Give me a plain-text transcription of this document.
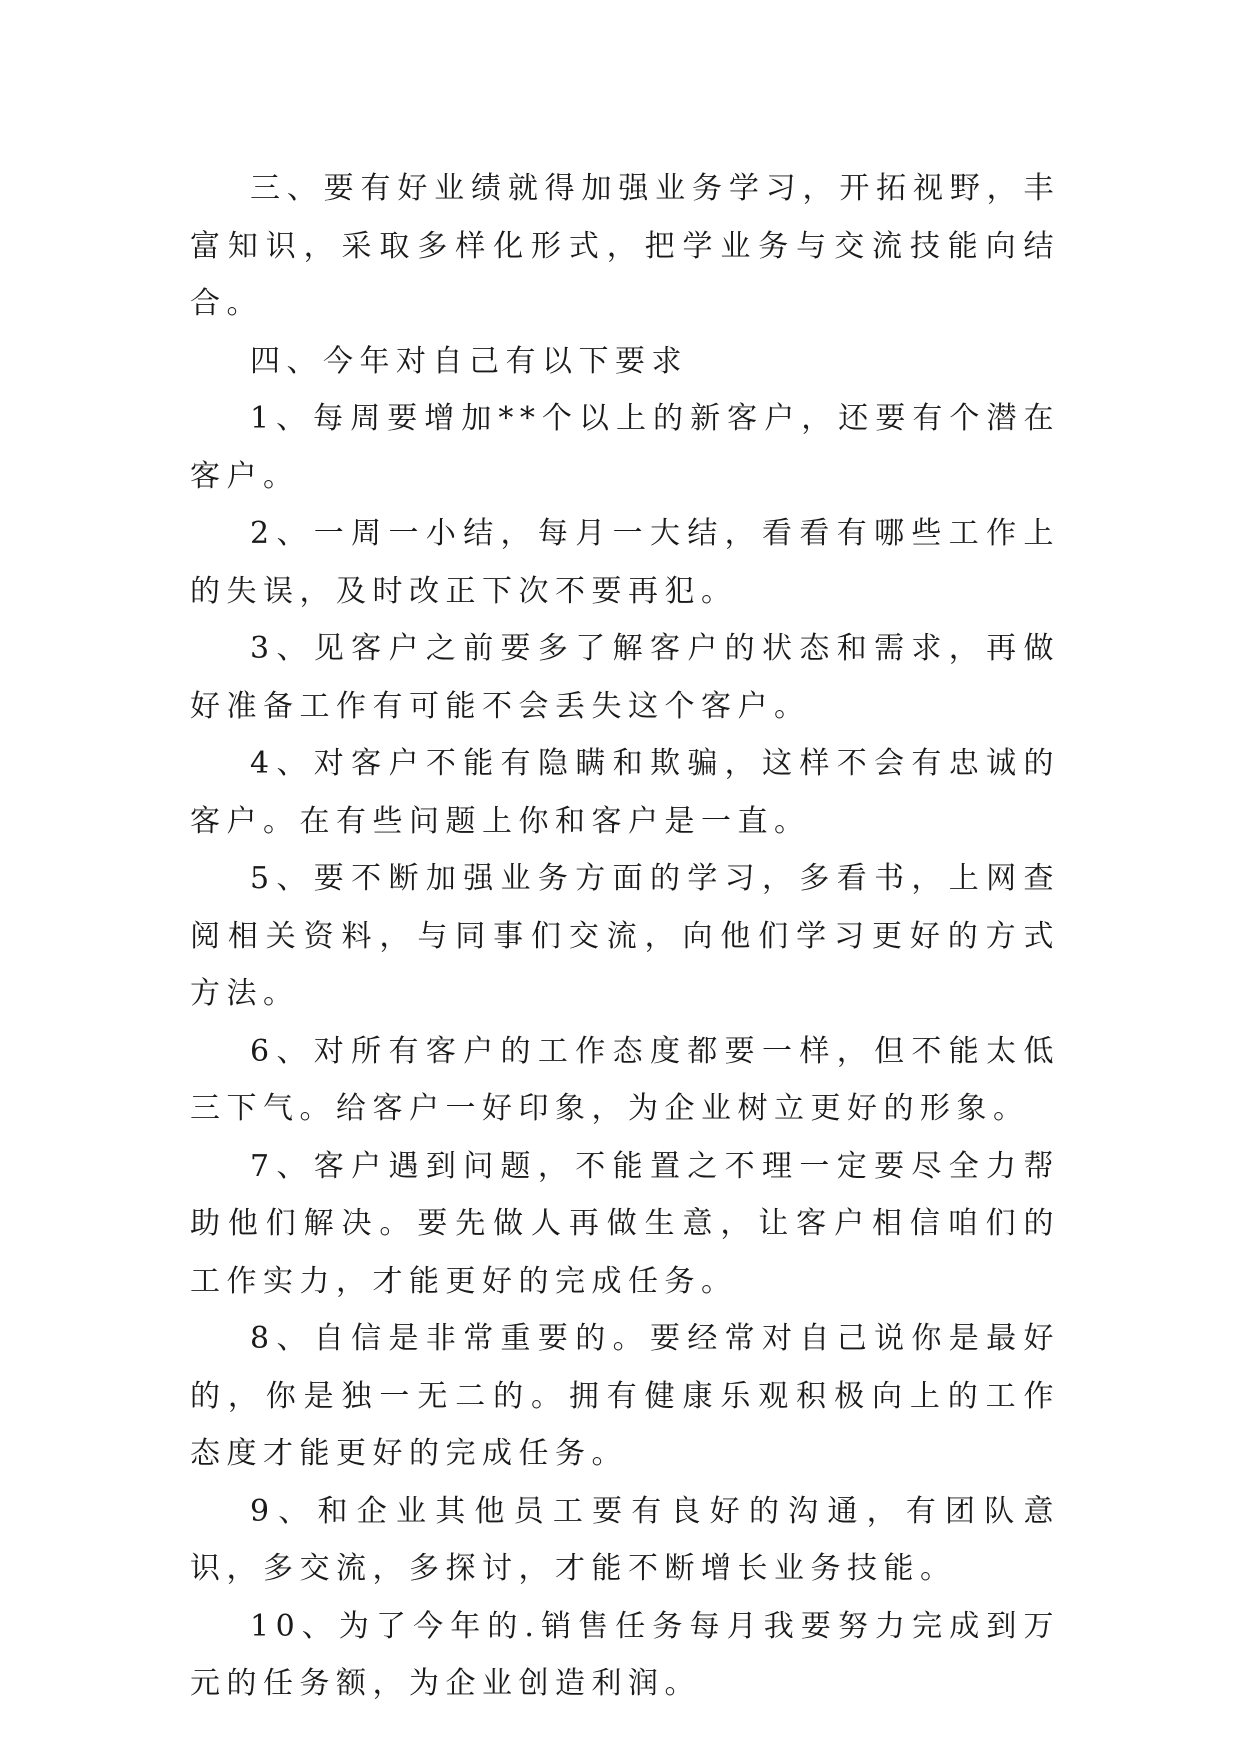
三、要有好业绩就得加强业务学习，开拓视野，丰富知识，采取多样化形式，把学业务与交流技能向结合。

四、今年对自己有以下要求

1、每周要增加**个以上的新客户，还要有个潜在客户。

2、一周一小结，每月一大结，看看有哪些工作上的失误，及时改正下次不要再犯。

3、见客户之前要多了解客户的状态和需求，再做好准备工作有可能不会丢失这个客户。

4、对客户不能有隐瞒和欺骗，这样不会有忠诚的客户。在有些问题上你和客户是一直。

5、要不断加强业务方面的学习，多看书，上网查阅相关资料，与同事们交流，向他们学习更好的方式方法。

6、对所有客户的工作态度都要一样，但不能太低三下气。给客户一好印象，为企业树立更好的形象。

7、客户遇到问题，不能置之不理一定要尽全力帮助他们解决。要先做人再做生意，让客户相信咱们的工作实力，才能更好的完成任务。

8、自信是非常重要的。要经常对自己说你是最好的，你是独一无二的。拥有健康乐观积极向上的工作态度才能更好的完成任务。

9、和企业其他员工要有良好的沟通，有团队意识，多交流，多探讨，才能不断增长业务技能。

10、为了今年的.销售任务每月我要努力完成到万元的任务额，为企业创造利润。
